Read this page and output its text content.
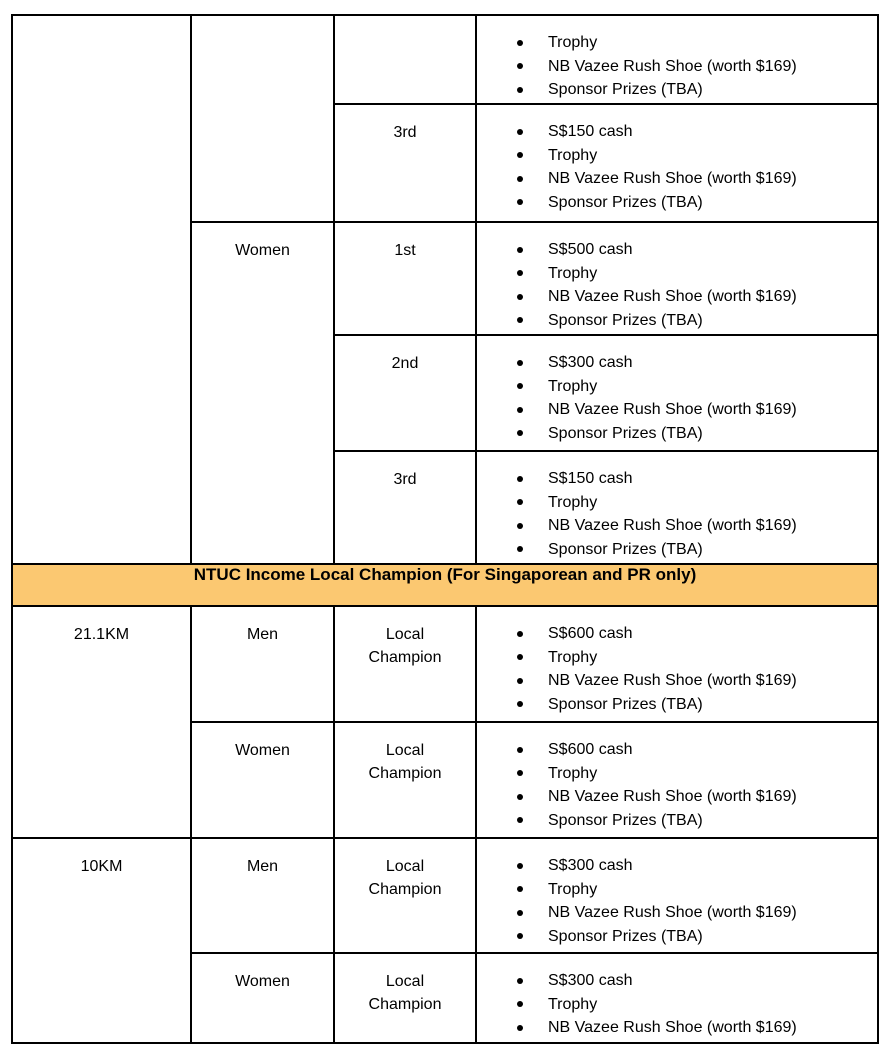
Trophy
NB Vazee Rush Shoe (worth $169)
Sponsor Prizes (TBA)

3rd	S$150 cash
Trophy
NB Vazee Rush Shoe (worth $169)
Sponsor Prizes (TBA)

Women	1st	S$500 cash
Trophy
NB Vazee Rush Shoe (worth $169)
Sponsor Prizes (TBA)

2nd	S$300 cash
Trophy
NB Vazee Rush Shoe (worth $169)
Sponsor Prizes (TBA)

3rd	S$150 cash
Trophy
NB Vazee Rush Shoe (worth $169)
Sponsor Prizes (TBA)

NTUC Income Local Champion (For Singaporean and PR only)			

21.1KM	Men	Local Champion

S$600 cash
Trophy
NB Vazee Rush Shoe (worth $169)
Sponsor Prizes (TBA)

Women	Local Champion

S$600 cash
Trophy
NB Vazee Rush Shoe (worth $169)
Sponsor Prizes (TBA)

10KM	Men	Local Champion

S$300 cash
Trophy
NB Vazee Rush Shoe (worth $169)
Sponsor Prizes (TBA)

Women	Local Champion

S$300 cash
Trophy
NB Vazee Rush Shoe (worth $169)
